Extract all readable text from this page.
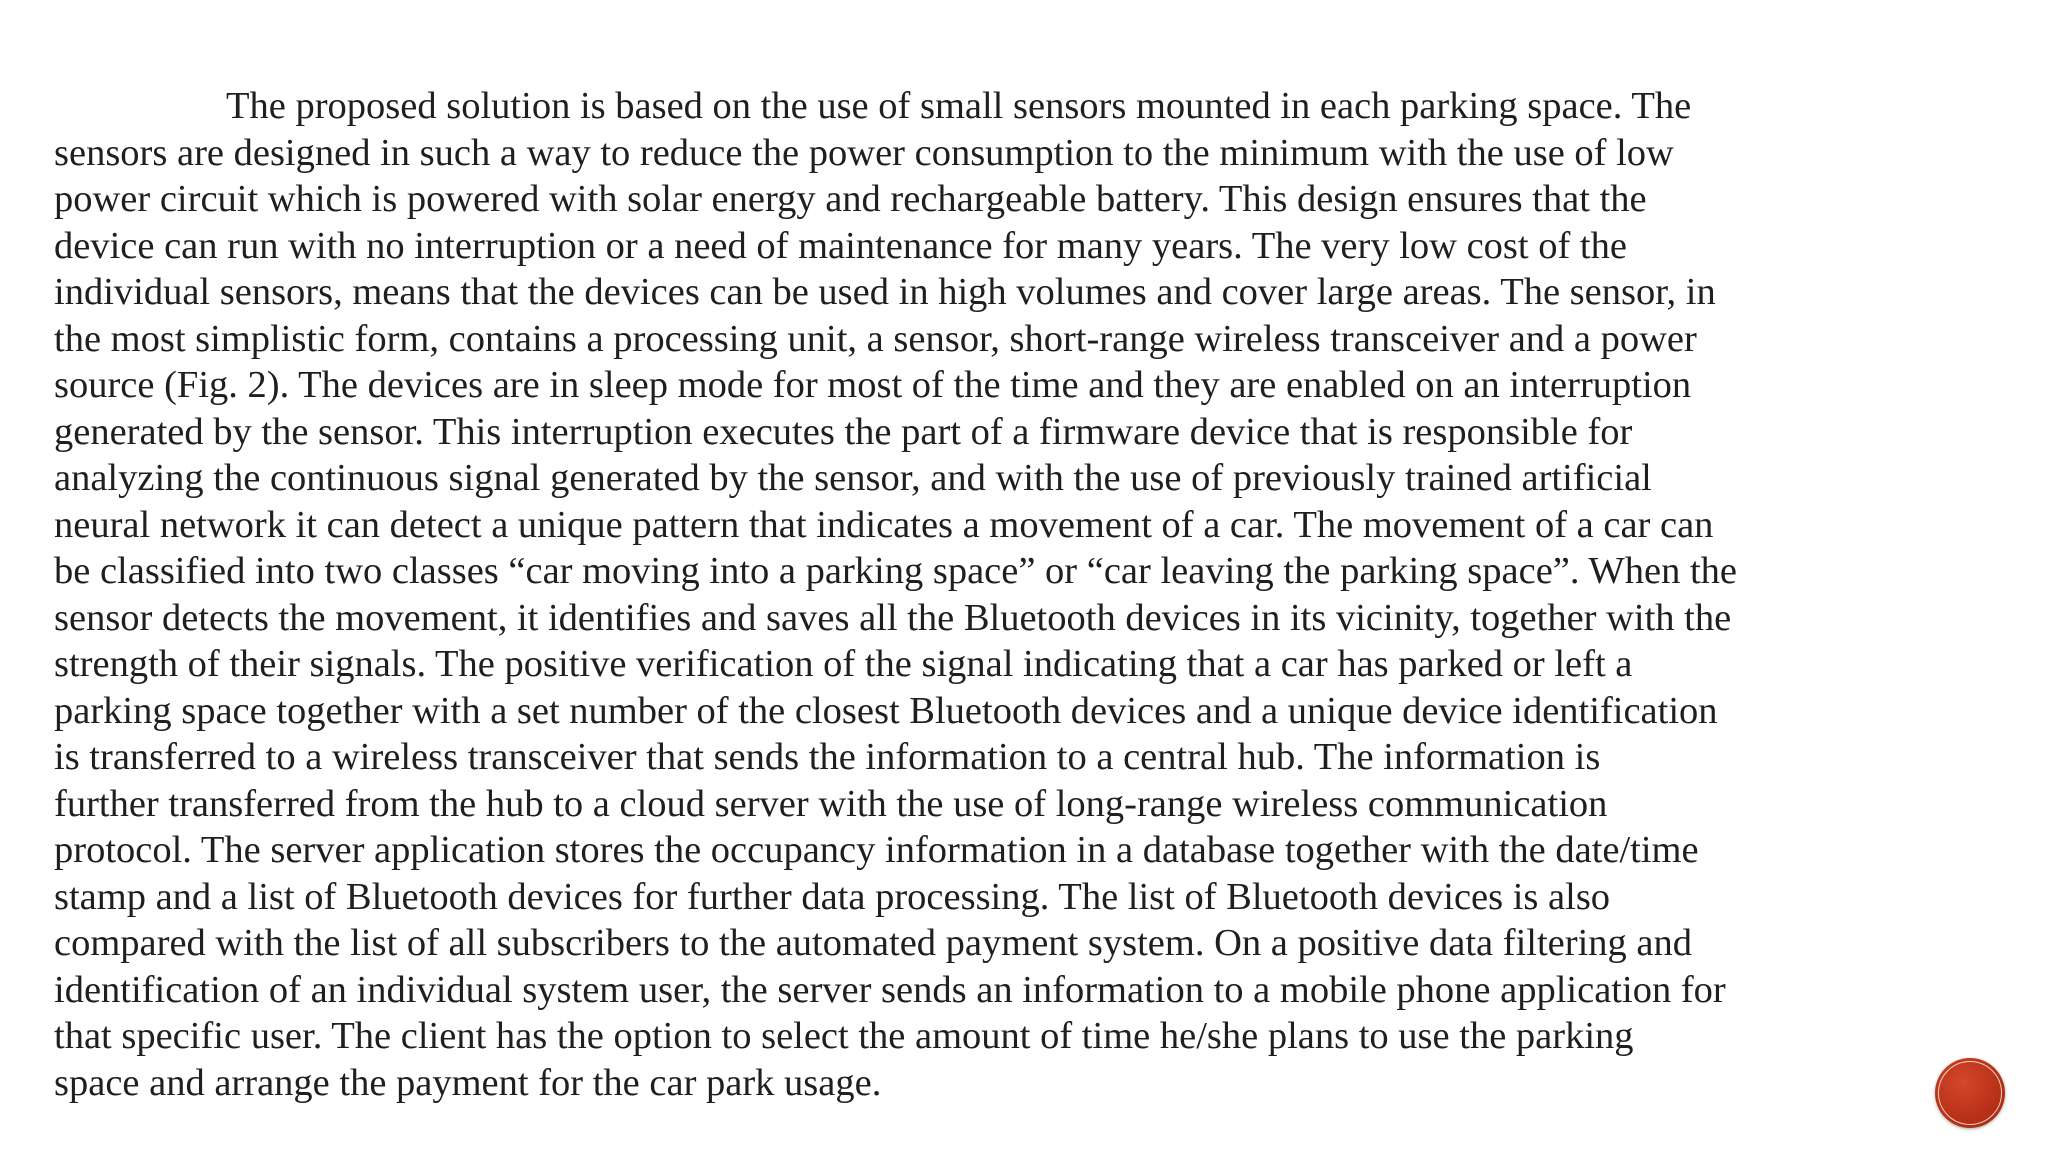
The proposed solution is based on the use of small sensors mounted in each parking space. The
sensors are designed in such a way to reduce the power consumption to the minimum with the use of low
power circuit which is powered with solar energy and rechargeable battery. This design ensures that the
device can run with no interruption or a need of maintenance for many years. The very low cost of the
individual sensors, means that the devices can be used in high volumes and cover large areas. The sensor, in
the most simplistic form, contains a processing unit, a sensor, short-range wireless transceiver and a power
source (Fig. 2). The devices are in sleep mode for most of the time and they are enabled on an interruption
generated by the sensor. This interruption executes the part of a firmware device that is responsible for
analyzing the continuous signal generated by the sensor, and with the use of previously trained artificial
neural network it can detect a unique pattern that indicates a movement of a car. The movement of a car can
be classified into two classes “car moving into a parking space” or “car leaving the parking space”. When the
sensor detects the movement, it identifies and saves all the Bluetooth devices in its vicinity, together with the
strength of their signals. The positive verification of the signal indicating that a car has parked or left a
parking space together with a set number of the closest Bluetooth devices and a unique device identification
is transferred to a wireless transceiver that sends the information to a central hub. The information is
further transferred from the hub to a cloud server with the use of long-range wireless communication
protocol. The server application stores the occupancy information in a database together with the date/time
stamp and a list of Bluetooth devices for further data processing. The list of Bluetooth devices is also
compared with the list of all subscribers to the automated payment system. On a positive data filtering and
identification of an individual system user, the server sends an information to a mobile phone application for
that specific user. The client has the option to select the amount of time he/she plans to use the parking
space and arrange the payment for the car park usage.
